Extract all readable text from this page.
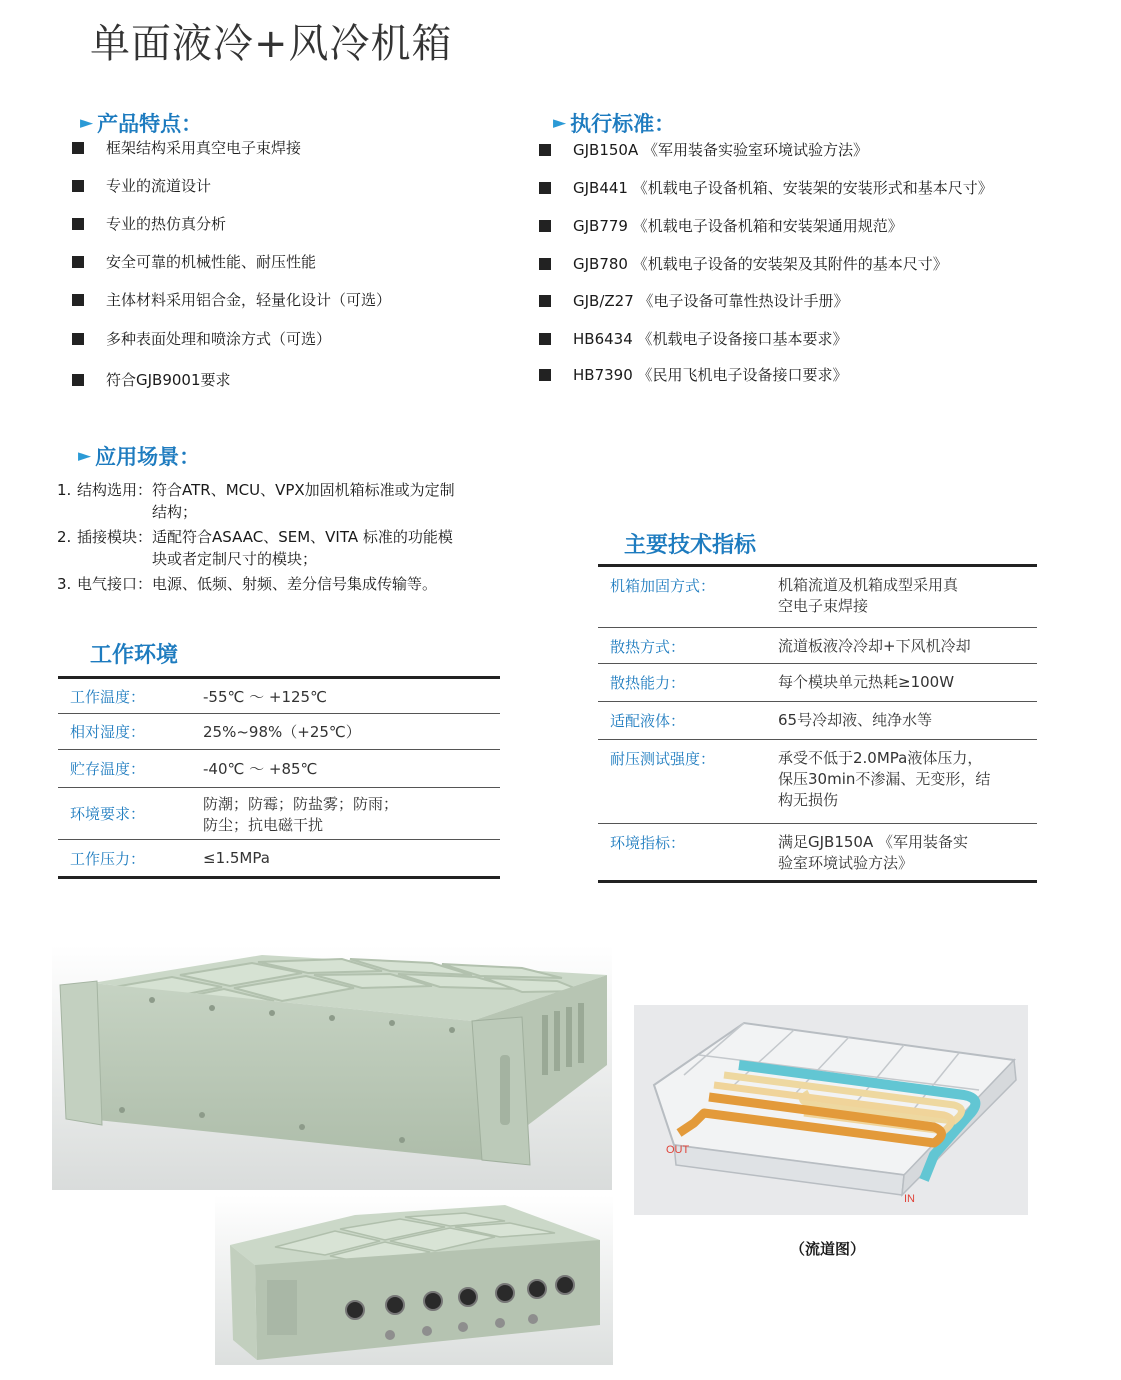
单面液冷+风冷机箱
► 产品特点：
框架结构采用真空电子束焊接
专业的流道设计
专业的热仿真分析
安全可靠的机械性能、耐压性能
主体材料采用铝合金，轻量化设计（可选）
多种表面处理和喷涂方式（可选）
符合GJB9001要求
► 执行标准：
GJB150A 《军用装备实验室环境试验方法》
GJB441 《机载电子设备机箱、安装架的安装形式和基本尺寸》
GJB779 《机载电子设备机箱和安装架通用规范》
GJB780 《机载电子设备的安装架及其附件的基本尺寸》
GJB/Z27 《电子设备可靠性热设计手册》
HB6434 《机载电子设备接口基本要求》
HB7390 《民用飞机电子设备接口要求》
► 应用场景：
1. 结构选用： 符合ATR、MCU、VPX加固机箱标准或为定制
结构；
2. 插接模块： 适配符合ASAAC、SEM、VITA 标准的功能模
块或者定制尺寸的模块；
3. 电气接口： 电源、低频、射频、差分信号集成传输等。
工作环境
工作温度：	-55℃ ～ +125℃

相对湿度：	25%~98%（+25℃）

贮存温度：	-40℃ ～ +85℃

环境要求：	防潮；防霉；防盐雾；防雨；
防尘；抗电磁干扰

工作压力：	≤1.5MPa
主要技术指标
机箱加固方式：	机箱流道及机箱成型采用真
空电子束焊接

散热方式：	流道板液冷冷却+下风机冷却

散热能力：	每个模块单元热耗≥100W

适配液体：	65号冷却液、纯净水等

耐压测试强度：	承受不低于2.0MPa液体压力，
保压30min不渗漏、无变形，结
构无损伤

环境指标：	满足GJB150A 《军用装备实
验室环境试验方法》
OUT
IN
（流道图）
